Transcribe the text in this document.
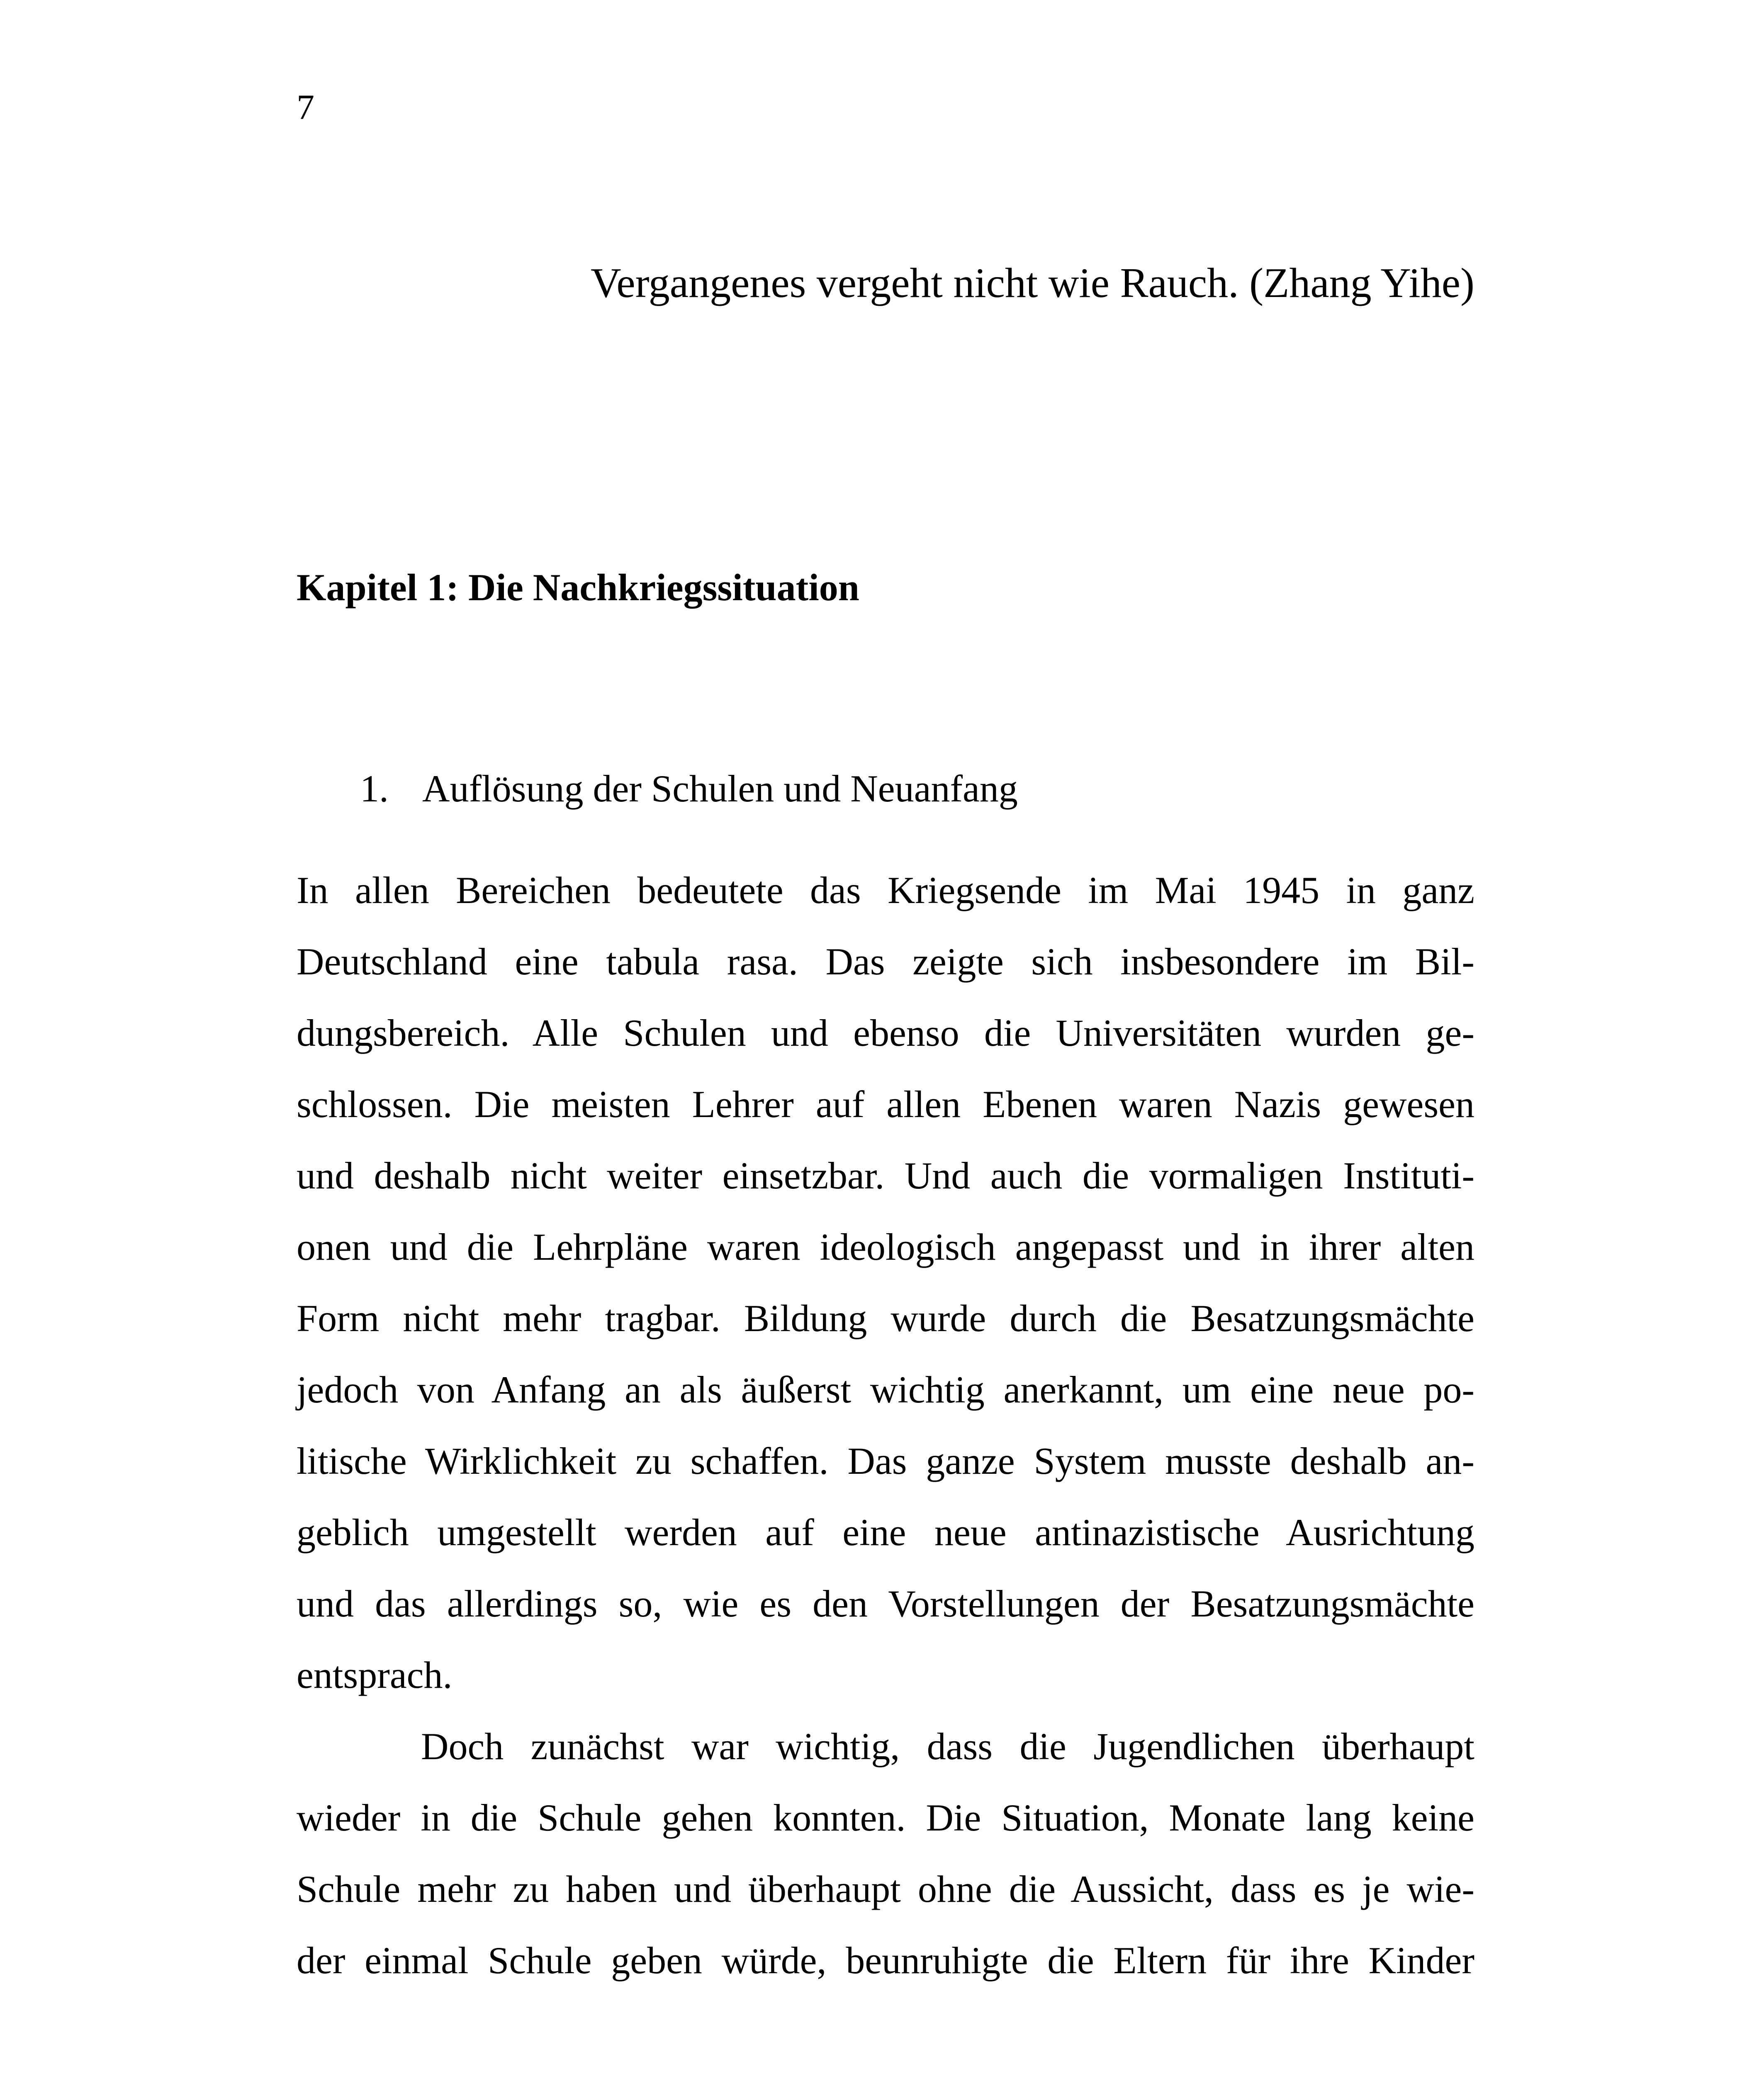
7
Vergangenes vergeht nicht wie Rauch. (Zhang Yihe)
Kapitel 1: Die Nachkriegssituation
1. Auflösung der Schulen und Neuanfang

In allen Bereichen bedeutete das Kriegsende im Mai 1945 in ganz
Deutschland eine tabula rasa. Das zeigte sich insbesondere im Bil-
dungsbereich. Alle Schulen und ebenso die Universitäten wurden ge-
schlossen. Die meisten Lehrer auf allen Ebenen waren Nazis gewesen
und deshalb nicht weiter einsetzbar. Und auch die vormaligen Instituti-
onen und die Lehrpläne waren ideologisch angepasst und in ihrer alten
Form nicht mehr tragbar. Bildung wurde durch die Besatzungsmächte
jedoch von Anfang an als äußerst wichtig anerkannt, um eine neue po-
litische Wirklichkeit zu schaffen. Das ganze System musste deshalb an-
geblich umgestellt werden auf eine neue antinazistische Ausrichtung
und das allerdings so, wie es den Vorstellungen der Besatzungsmächte
entsprach.

Doch zunächst war wichtig, dass die Jugendlichen überhaupt
wieder in die Schule gehen konnten. Die Situation, Monate lang keine
Schule mehr zu haben und überhaupt ohne die Aussicht, dass es je wie-
der einmal Schule geben würde, beunruhigte die Eltern für ihre Kinder
